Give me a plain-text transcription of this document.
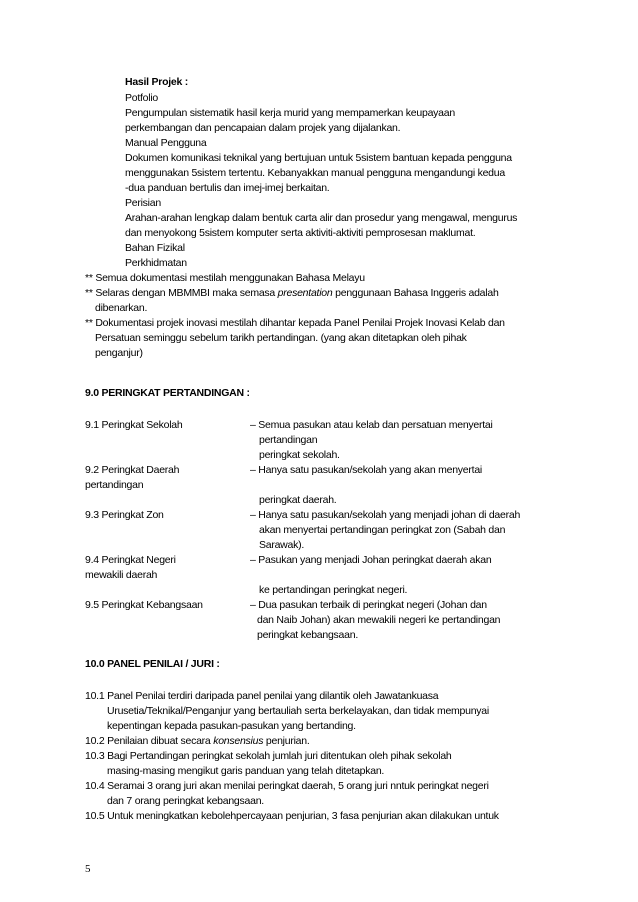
Hasil Projek :
Potfolio
Pengumpulan sistematik hasil kerja murid yang mempamerkan keupayaan
perkembangan dan pencapaian dalam projek yang dijalankan.
Manual Pengguna
Dokumen komunikasi teknikal yang bertujuan untuk 5sistem bantuan kepada pengguna
menggunakan 5sistem tertentu. Kebanyakkan manual pengguna mengandungi kedua
-dua panduan bertulis dan imej-imej berkaitan.
Perisian
Arahan-arahan lengkap dalam bentuk carta alir dan prosedur yang mengawal, mengurus
dan menyokong 5sistem komputer serta aktiviti-aktiviti pemprosesan maklumat.
Bahan Fizikal
Perkhidmatan
** Semua dokumentasi mestilah menggunakan Bahasa Melayu
** Selaras dengan MBMMBI maka semasa presentation penggunaan Bahasa Inggeris adalah
dibenarkan.
** Dokumentasi projek inovasi mestilah dihantar kepada Panel Penilai Projek Inovasi Kelab dan
Persatuan seminggu sebelum tarikh pertandingan. (yang akan ditetapkan oleh pihak
penganjur)
9.0 PERINGKAT PERTANDINGAN :
9.1 Peringkat Sekolah	– Semua pasukan atau kelab dan persatuan menyertai
pertandingan
peringkat sekolah.
9.2 Peringkat Daerah	– Hanya satu pasukan/sekolah yang akan menyertai
pertandingan
peringkat daerah.
9.3 Peringkat Zon	– Hanya satu pasukan/sekolah yang menjadi johan di daerah
akan menyertai pertandingan peringkat zon (Sabah dan
Sarawak).
9.4 Peringkat Negeri	– Pasukan yang menjadi Johan peringkat daerah akan
mewakili daerah
ke pertandingan peringkat negeri.
9.5 Peringkat Kebangsaan	– Dua pasukan terbaik di peringkat negeri (Johan dan
dan Naib Johan) akan mewakili negeri ke pertandingan
peringkat kebangsaan.
10.0 PANEL PENILAI / JURI :
10.1 Panel Penilai terdiri daripada panel penilai yang dilantik oleh Jawatankuasa
Urusetia/Teknikal/Penganjur yang bertauliah serta berkelayakan, dan tidak mempunyai
kepentingan kepada pasukan-pasukan yang bertanding.
10.2 Penilaian dibuat secara konsensius penjurian.
10.3 Bagi Pertandingan peringkat sekolah jumlah juri ditentukan oleh pihak sekolah
masing-masing mengikut garis panduan yang telah ditetapkan.
10.4 Seramai 3 orang juri akan menilai peringkat daerah, 5 orang juri nntuk peringkat negeri
dan 7 orang peringkat kebangsaan.
10.5 Untuk meningkatkan kebolehpercayaan penjurian, 3 fasa penjurian akan dilakukan untuk
5
